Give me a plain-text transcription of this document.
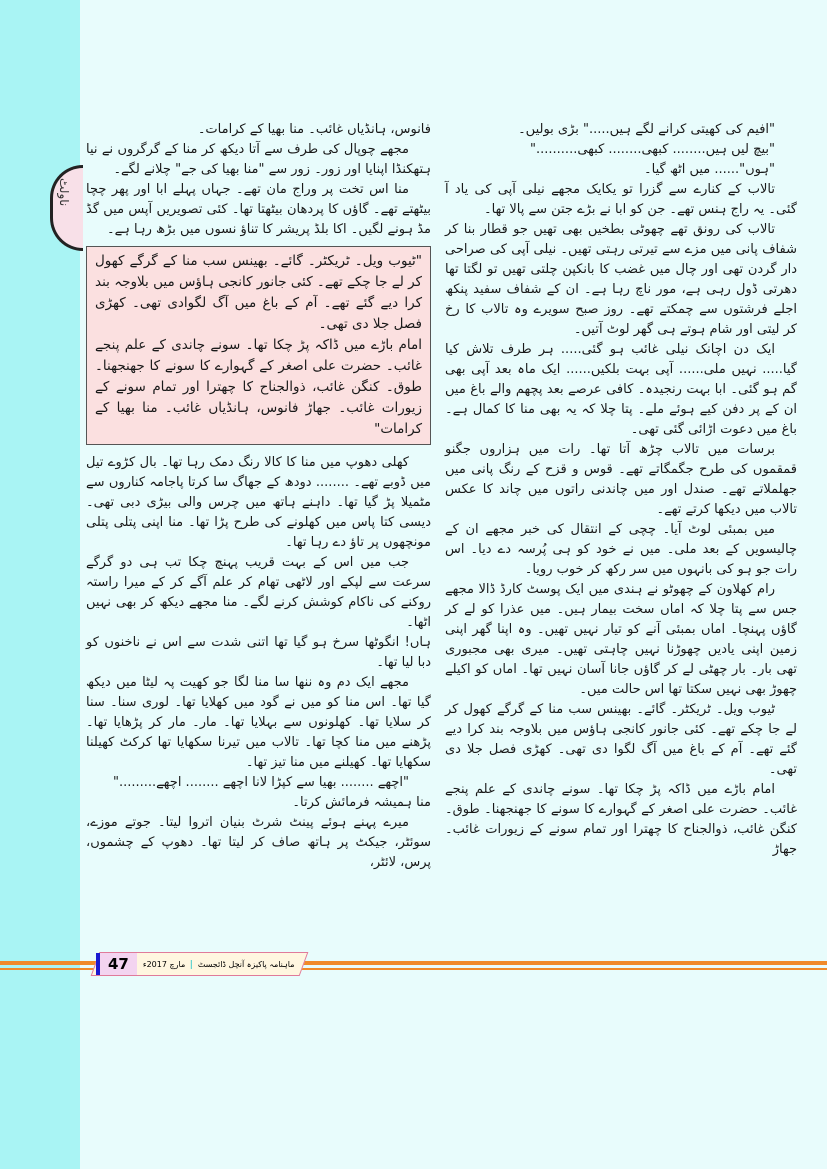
ناولٹ

فانوس، ہانڈیاں غائب۔ منا بھیا کے کرامات۔

مجھے چوپال کی طرف سے آتا دیکھ کر منا کے گرگروں نے نیا ہتھکنڈا اپنایا اور زور۔ زور سے "منا بھیا کی جے" چلانے لگے۔

منا اس تخت پر وراج مان تھے۔ جہاں پہلے ابا اور پھر چچا بیٹھتے تھے۔ گاؤں کا پردھان بیٹھتا تھا۔ کئی تصویریں آپس میں گڈ مڈ ہونے لگیں۔ اکا بلڈ پریشر کا تناؤ نسوں میں بڑھ رہا ہے۔

"ٹیوب ویل۔ ٹریکٹر۔ گائے۔ بھینس سب منا کے گرگے کھول کر لے جا چکے تھے۔ کئی جانور کانجی ہاؤس میں بلاوجہ بند کرا دیے گئے تھے۔ آم کے باغ میں آگ لگوادی تھی۔ کھڑی فصل جلا دی تھی۔

امام باڑے میں ڈاکہ پڑ چکا تھا۔ سونے چاندی کے علم پنجے غائب۔ حضرت علی اصغر کے گہوارے کا سونے کا جھنجھنا۔ طوق۔ کنگن غائب، ذوالجناح کا چھترا اور تمام سونے کے زیورات غائب۔ جھاڑ فانوس، ہانڈیاں غائب۔ منا بھیا کے کرامات"

کھلی دھوپ میں منا کا کالا رنگ دمک رہا تھا۔ بال کڑوے تیل میں ڈوبے تھے۔ ........ دودھ کے جھاگ سا کرتا پاجامہ کناروں سے مٹمیلا پڑ گیا تھا۔ داہنے ہاتھ میں چرس والی بیڑی دبی تھی۔ دیسی کتا پاس میں کھلونے کی طرح پڑا تھا۔ منا اپنی پتلی پتلی مونچھوں پر تاؤ دے رہا تھا۔

جب میں اس کے بہت قریب پہنچ چکا تب ہی دو گرگے سرعت سے لپکے اور لاٹھی تھام کر علم آگے کر کے میرا راستہ روکنے کی ناکام کوشش کرنے لگے۔ منا مجھے دیکھ کر بھی نہیں اٹھا۔

ہاں! انگوٹھا سرخ ہو گیا تھا اتنی شدت سے اس نے ناخنوں کو دبا لیا تھا۔

مجھے ایک دم وہ ننھا سا منا لگا جو کھیت پہ لیٹا میں دیکھ گیا تھا۔ اس منا کو میں نے گود میں کھلایا تھا۔ لوری سنا۔ سنا کر سلایا تھا۔ کھلونوں سے بہلایا تھا۔ مار۔ مار کر پڑھایا تھا۔ پڑھنے میں منا کچا تھا۔ تالاب میں تیرنا سکھایا تھا کرکٹ کھیلنا سکھایا تھا۔ کھیلنے میں منا تیز تھا۔

"اچھے ........ بھیا سے کپڑا لانا اچھے ........ اچھے........."

منا ہمیشہ فرمائش کرتا۔

میرے پہنے ہوئے پینٹ شرٹ بنیان اتروا لیتا۔ جوتے موزے، سوئٹر، جیکٹ پر ہاتھ صاف کر لیتا تھا۔ دھوپ کے چشموں، پرس، لائٹر،

"افیم کی کھیتی کرانے لگے ہیں....." بڑی بولیں۔

"بیچ لیں ہیں........ کبھی........ کبھی.........."

"ہوں"...... میں اٹھ گیا۔

تالاب کے کنارے سے گزرا تو یکایک مجھے نیلی آپی کی یاد آ گئی۔ یہ راج ہنس تھے۔ جن کو ابا نے بڑے جتن سے پالا تھا۔

تالاب کی رونق تھے چھوٹی بطخیں بھی تھیں جو قطار بنا کر شفاف پانی میں مزے سے تیرتی رہتی تھیں۔ نیلی آپی کی صراحی دار گردن تھی اور چال میں غضب کا بانکپن چلتی تھیں تو لگتا تھا دھرتی ڈول رہی ہے، مور ناچ رہا ہے۔ ان کے شفاف سفید پنکھ اجلے فرشتوں سے چمکتے تھے۔ روز صبح سویرے وہ تالاب کا رخ کر لیتی اور شام ہوتے ہی گھر لوٹ آتیں۔

ایک دن اچانک نیلی غائب ہو گئی..... ہر طرف تلاش کیا گیا..... نہیں ملی...... آپی بہت بلکیں...... ایک ماہ بعد آپی بھی گم ہو گئی۔ ابا بہت رنجیدہ۔ کافی عرصے بعد پچھم والے باغ میں ان کے پر دفن کیے ہوئے ملے۔ پتا چلا کہ یہ بھی منا کا کمال ہے۔ باغ میں دعوت اڑائی گئی تھی۔

برسات میں تالاب چڑھ آتا تھا۔ رات میں ہزاروں جگنو قمقموں کی طرح جگمگاتے تھے۔ قوس و قزح کے رنگ پانی میں جھلملاتے تھے۔ صندل اور میں چاندنی راتوں میں چاند کا عکس تالاب میں دیکھا کرتے تھے۔

میں بمبئی لوٹ آیا۔ چچی کے انتقال کی خبر مجھے ان کے چالیسویں کے بعد ملی۔ میں نے خود کو ہی پُرسہ دے دیا۔ اس رات جو ہو کی بانہوں میں سر رکھ کر خوب رویا۔

رام کھلاون کے چھوٹو نے ہندی میں ایک پوسٹ کارڈ ڈالا مجھے جس سے پتا چلا کہ اماں سخت بیمار ہیں۔ میں عذرا کو لے کر گاؤں پہنچا۔ اماں بمبئی آنے کو تیار نہیں تھیں۔ وہ اپنا گھر اپنی زمین اپنی یادیں چھوڑنا نہیں چاہتی تھیں۔ میری بھی مجبوری تھی بار۔ بار چھٹی لے کر گاؤں جانا آسان نہیں تھا۔ اماں کو اکیلے چھوڑ بھی نہیں سکتا تھا اس حالت میں۔

ٹیوب ویل۔ ٹریکٹر۔ گائے۔ بھینس سب منا کے گرگے کھول کر لے جا چکے تھے۔ کئی جانور کانجی ہاؤس میں بلاوجہ بند کرا دیے گئے تھے۔ آم کے باغ میں آگ لگوا دی تھی۔ کھڑی فصل جلا دی تھی۔

امام باڑے میں ڈاکہ پڑ چکا تھا۔ سونے چاندی کے علم پنجے غائب۔ حضرت علی اصغر کے گہوارے کا سونے کا جھنجھنا۔ طوق۔ کنگن غائب، ذوالجناح کا چھترا اور تمام سونے کے زیورات غائب۔ جھاڑ

47	مارچ 2017ء	ماہنامہ پاکیزہ آنچل ڈائجسٹ
